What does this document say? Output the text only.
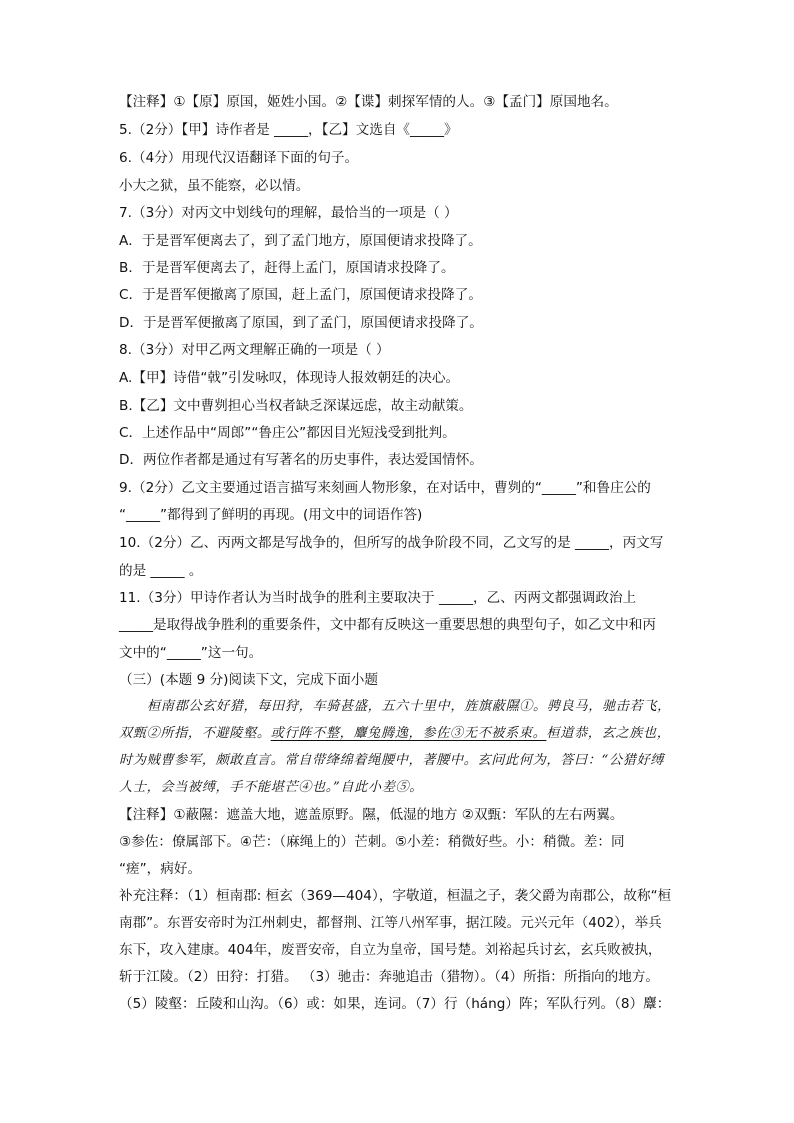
【注释】①【原】原国，姬姓小国。②【谍】刺探军情的人。③【孟门】原国地名。
5.（2分）【甲】诗作者是 _____，【乙】文选自《_____》
6.（4分）用现代汉语翻译下面的句子。
小大之狱，虽不能察，必以情。
7.（3分）对丙文中划线句的理解，最恰当的一项是（ ）
A．于是晋军便离去了，到了孟门地方，原国便请求投降了。
B．于是晋军便离去了，赶得上孟门，原国请求投降了。
C．于是晋军便撤离了原国，赶上孟门，原国便请求投降了。
D．于是晋军便撤离了原国，到了孟门，原国便请求投降了。
8.（3分）对甲乙两文理解正确的一项是（ ）
A.【甲】诗借“戟”引发咏叹，体现诗人报效朝廷的决心。
B.【乙】文中曹刿担心当权者缺乏深谋远虑，故主动献策。
C．上述作品中“周郎”“鲁庄公”都因目光短浅受到批判。
D．两位作者都是通过有写著名的历史事件，表达爱国情怀。
9.（2分）乙文主要通过语言描写来刻画人物形象，在对话中，曹刿的“_____”和鲁庄公的
“_____”都得到了鲜明的再现。(用文中的词语作答)
10.（2分）乙、丙两文都是写战争的，但所写的战争阶段不同，乙文写的是 _____，丙文写
的是 _____ 。
11.（3分）甲诗作者认为当时战争的胜利主要取决于 _____，乙、丙两文都强调政治上
_____是取得战争胜利的重要条件，文中都有反映这一重要思想的典型句子，如乙文中和丙
文中的“_____”这一句。
（三）(本题 9 分)阅读下文，完成下面小题
桓南郡公玄好猎，每田狩，车骑甚盛，五六十里中，旌旗蔽隰①。骋良马，驰击若飞，
双甄②所指，不避陵壑。或行阵不整，麞兔腾逸，参佐③无不被系束。桓道恭，玄之族也，
时为贼曹参军，颇敢直言。常自带绛绵着绳腰中，著腰中。玄问此何为，答曰：“公猎好缚
人士，会当被缚，手不能堪芒④也。”自此小差⑤。
【注释】①蔽隰：遮盖大地，遮盖原野。隰，低湿的地方 ②双甄：军队的左右两翼。
③参佐：僚属部下。④芒：（麻绳上的）芒刺。⑤小差：稍微好些。小：稍微。差：同
“瘥”，病好。
补充注释：（1）桓南郡: 桓玄（369—404），字敬道，桓温之子，袭父爵为南郡公，故称“桓
南郡”。东晋安帝时为江州刺史，都督荆、江等八州军事，据江陵。元兴元年（402），举兵
东下，攻入建康。404年，废晋安帝，自立为皇帝，国号楚。刘裕起兵讨玄，玄兵败被执，
斩于江陵。（2）田狩：打猎。 （3）驰击：奔驰追击（猎物）。（4）所指：所指向的地方。
（5）陵壑：丘陵和山沟。（6）或：如果，连词。（7）行（háng）阵；军队行列。（8）麞：
